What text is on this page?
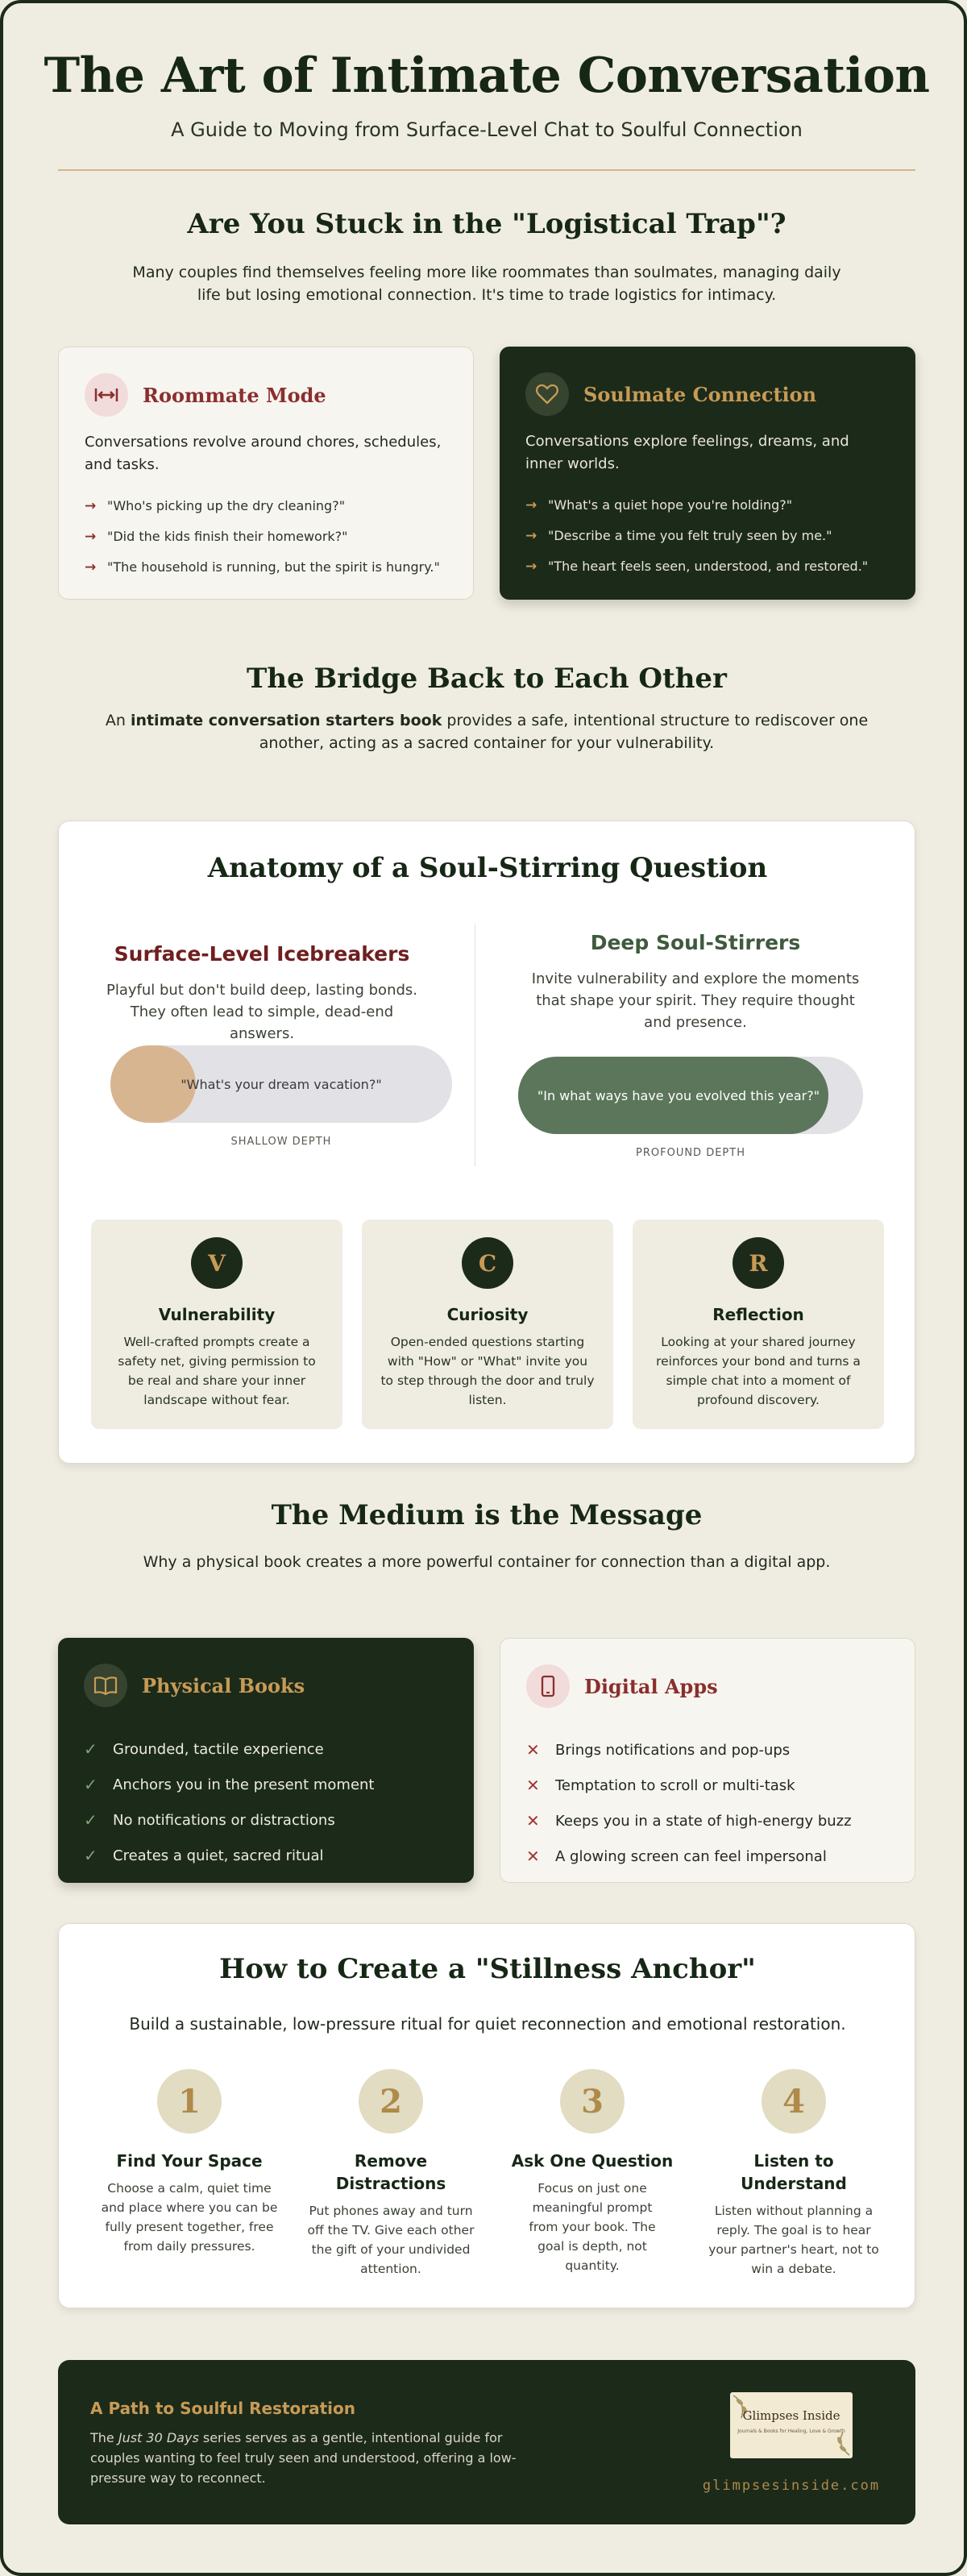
The Art of Intimate Conversation
A Guide to Moving from Surface-Level Chat to Soulful Connection
Are You Stuck in the "Logistical Trap"?

Many couples find themselves feeling more like roommates than soulmates, managing daily life but losing emotional connection. It's time to trade logistics for intimacy.

Roommate Mode

Conversations revolve around chores, schedules, and tasks.

→ "Who's picking up the dry cleaning?"
→ "Did the kids finish their homework?"
→ "The household is running, but the spirit is hungry."
Soulmate Connection

Conversations explore feelings, dreams, and inner worlds.

→ "What's a quiet hope you're holding?"
→ "Describe a time you felt truly seen by me."
→ "The heart feels seen, understood, and restored."
The Bridge Back to Each Other

An intimate conversation starters book provides a safe, intentional structure to rediscover one another, acting as a sacred container for your vulnerability.

Anatomy of a Soul-Stirring Question
Surface-Level Icebreakers

Playful but don't build deep, lasting bonds. They often lead to simple, dead-end answers.

"What's your dream vacation?"
SHALLOW DEPTH
Deep Soul-Stirrers

Invite vulnerability and explore the moments that shape your spirit. They require thought and presence.

"In what ways have you evolved this year?"
PROFOUND DEPTH
V
Vulnerability
Well-crafted prompts create a safety net, giving permission to be real and share your inner landscape without fear.
C
Curiosity
Open-ended questions starting with "How" or "What" invite you to step through the door and truly listen.
R
Reflection
Looking at your shared journey reinforces your bond and turns a simple chat into a moment of profound discovery.
The Medium is the Message

Why a physical book creates a more powerful container for connection than a digital app.

Physical Books
✓	Grounded, tactile experience
✓	Anchors you in the present moment
✓	No notifications or distractions
✓	Creates a quiet, sacred ritual
Digital Apps
✕	Brings notifications and pop-ups
✕	Temptation to scroll or multi-task
✕	Keeps you in a state of high-energy buzz
✕	A glowing screen can feel impersonal
How to Create a "Stillness Anchor"

Build a sustainable, low-pressure ritual for quiet reconnection and emotional restoration.

1
Find Your Space
Choose a calm, quiet time and place where you can be fully present together, free from daily pressures.
2
Remove Distractions
Put phones away and turn off the TV. Give each other the gift of your undivided attention.
3
Ask One Question
Focus on just one meaningful prompt from your book. The goal is depth, not quantity.
4
Listen to Understand
Listen without planning a reply. The goal is to hear your partner's heart, not to win a debate.
A Path to Soulful Restoration

The Just 30 Days series serves as a gentle, intentional guide for couples wanting to feel truly seen and understood, offering a low-pressure way to reconnect.

Glimpses Inside
Journals & Books for Healing, Love & Growth
glimpsesinside.com
